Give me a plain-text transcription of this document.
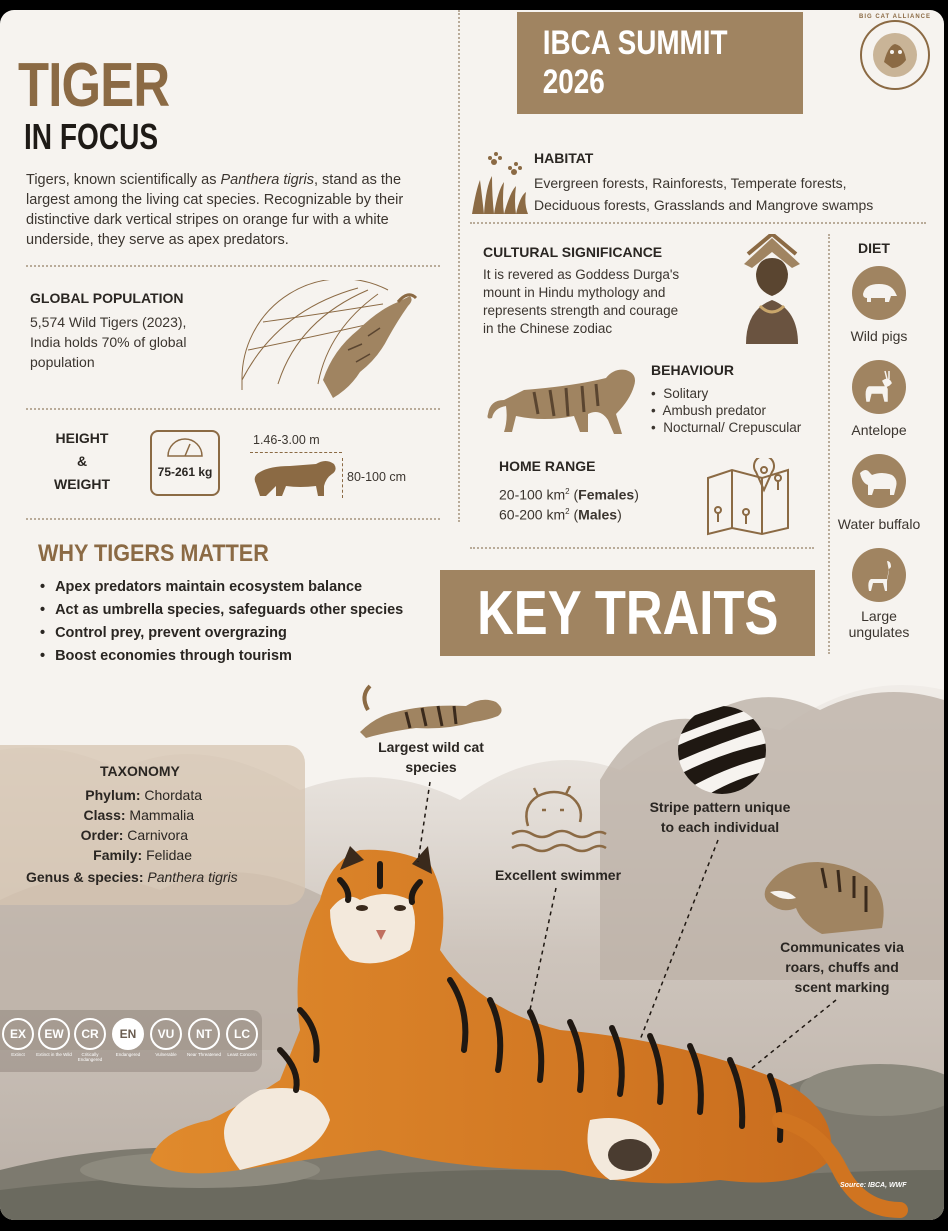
TIGER
IN FOCUS
Tigers, known scientifically as Panthera tigris, stand as the largest among the living cat species. Recognizable by their distinctive dark vertical stripes on orange fur with a white underside, they serve as apex predators.
IBCA SUMMIT 2026
BIG CAT ALLIANCE
GLOBAL POPULATION
5,574 Wild Tigers (2023),
India holds 70% of global
population
HEIGHT
&
WEIGHT
75-261 kg
1.46-3.00 m
80-100 cm
HABITAT
Evergreen forests, Rainforests, Temperate forests,
Deciduous forests, Grasslands and Mangrove swamps
CULTURAL SIGNIFICANCE
It is revered as Goddess Durga's
mount in Hindu mythology and
represents strength and courage
in the Chinese zodiac
BEHAVIOUR
•  Solitary
•  Ambush predator
•  Nocturnal/ Crepuscular
HOME RANGE
20-100 $km^2$ (Females)
60-200 $km^2$ (Males)
DIET
Wild pigs
Antelope
Water buffalo
Large
ungulates
WHY TIGERS MATTER
• Apex predators maintain ecosystem balance
• Act as umbrella species, safeguards other species
• Control prey, prevent overgrazing
• Boost economies through tourism
KEY TRAITS
Largest wild cat
species
Stripe pattern unique
to each individual
Excellent swimmer
Communicates via
roars, chuffs and
scent marking
TAXONOMY
Phylum: Chordata
Class: Mammalia
Order: Carnivora
Family: Felidae
Genus & species: Panthera tigris
EX	EW	CR	EN	VU	NT	LC
Extinct	Extinct in the Wild	Critically Endangered
Endangered	Vulnerable	Near Threatened	Least Concern
Source: IBCA, WWF
